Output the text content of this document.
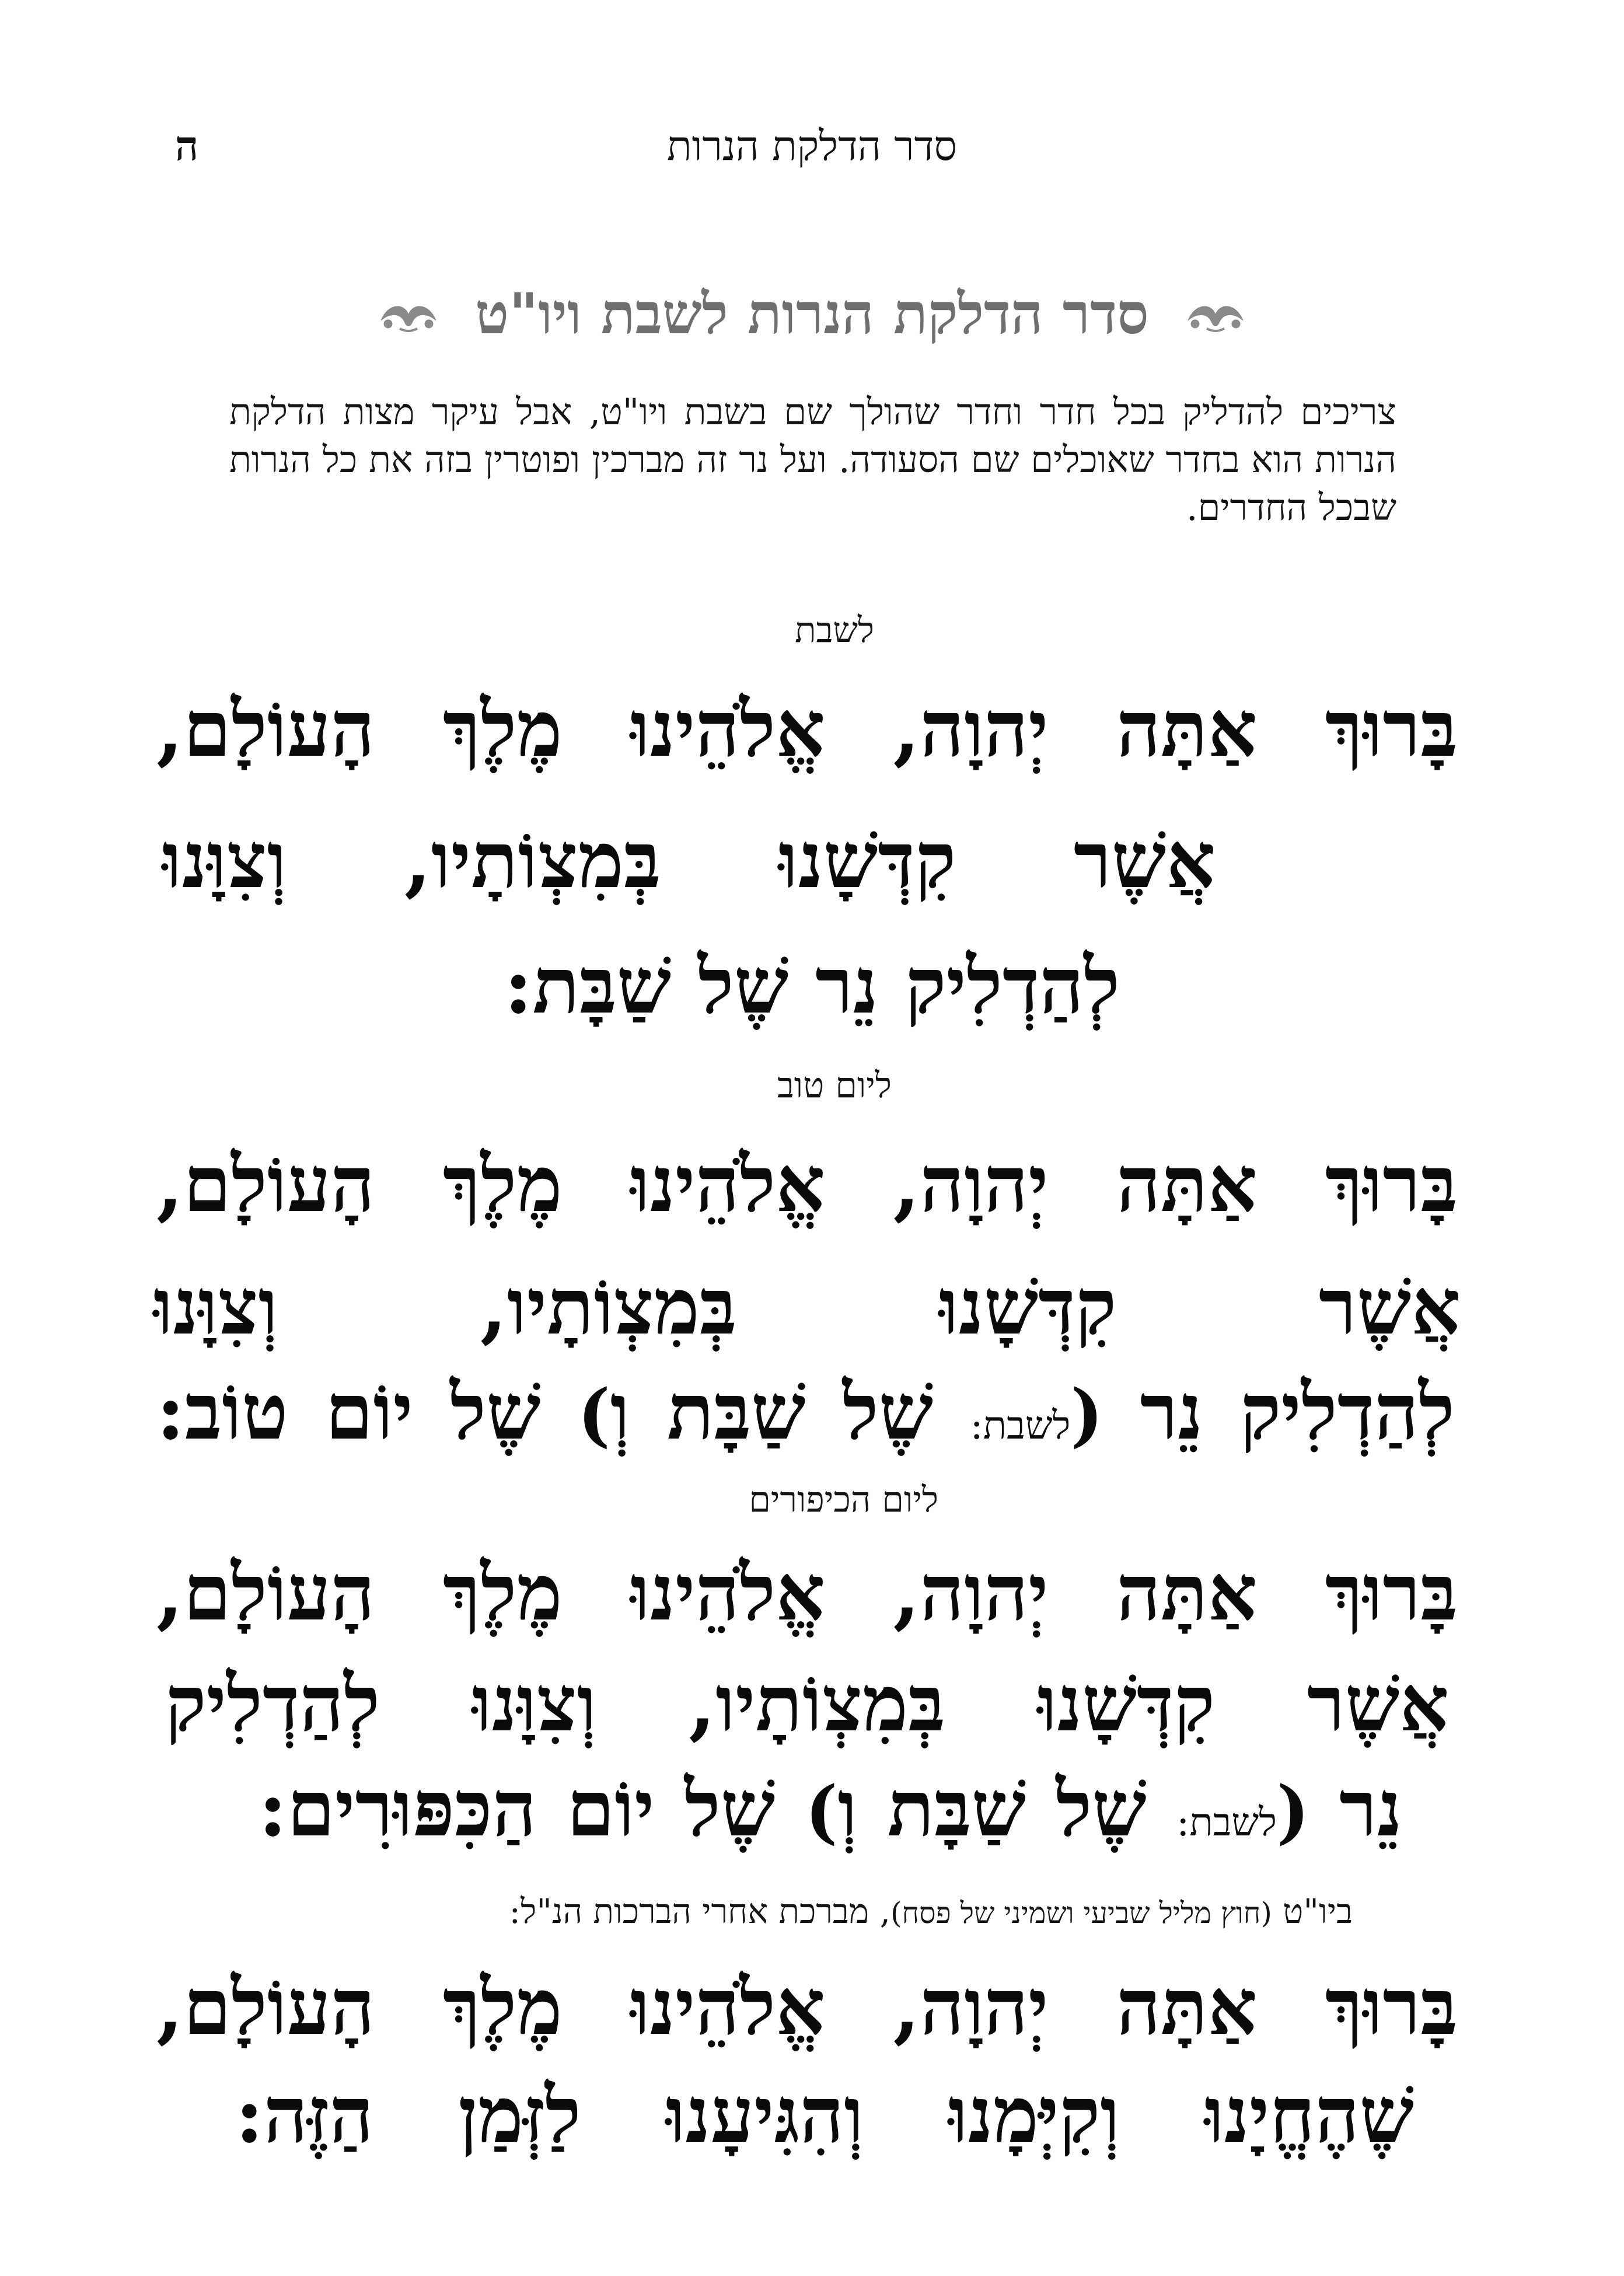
סדר הדלקת הנרות
ה
סדר הדלקת הנרות לשבת ויו"ט
צריכים להדליק בכל חדר וחדר שהולך שם בשבת ויו"ט, אבל עיקר מצות הדלקת הנרות הוא בחדר שאוכלים שם הסעודה. ועל נר זה מברכין ופוטרין בזה את כל הנרות שבכל החדרים.
לשבת
בָּרוּךְ אַתָּה יְהוָה, אֱלֹהֵינוּ מֶלֶךְ הָעוֹלָם,
אֲשֶׁר קִדְּשָׁנוּ בְּמִצְוֹתָיו, וְצִוָּנוּ
לְהַדְלִיק נֵר שֶׁל שַׁבָּת:
ליום טוב
בָּרוּךְ אַתָּה יְהוָה, אֱלֹהֵינוּ מֶלֶךְ הָעוֹלָם,
אֲשֶׁר קִדְּשָׁנוּ בְּמִצְוֹתָיו, וְצִוָּנוּ
לְהַדְלִיק נֵר (לשבת: שֶׁל שַׁבָּת וְ) שֶׁל יוֹם טוֹב:
ליום הכיפורים
בָּרוּךְ אַתָּה יְהוָה, אֱלֹהֵינוּ מֶלֶךְ הָעוֹלָם,
אֲשֶׁר קִדְּשָׁנוּ בְּמִצְוֹתָיו, וְצִוָּנוּ לְהַדְלִיק
נֵר (לשבת: שֶׁל שַׁבָּת וְ) שֶׁל יוֹם הַכִּפּוּרִים:
ביו"ט (חוץ מליל שביעי ושמיני של פסח), מברכת אחרי הברכות הנ"ל:
בָּרוּךְ אַתָּה יְהוָה, אֱלֹהֵינוּ מֶלֶךְ הָעוֹלָם,
שֶׁהֶחֱיָנוּ וְקִיְּמָנוּ וְהִגִּיעָנוּ לַזְּמַן הַזֶּה:
